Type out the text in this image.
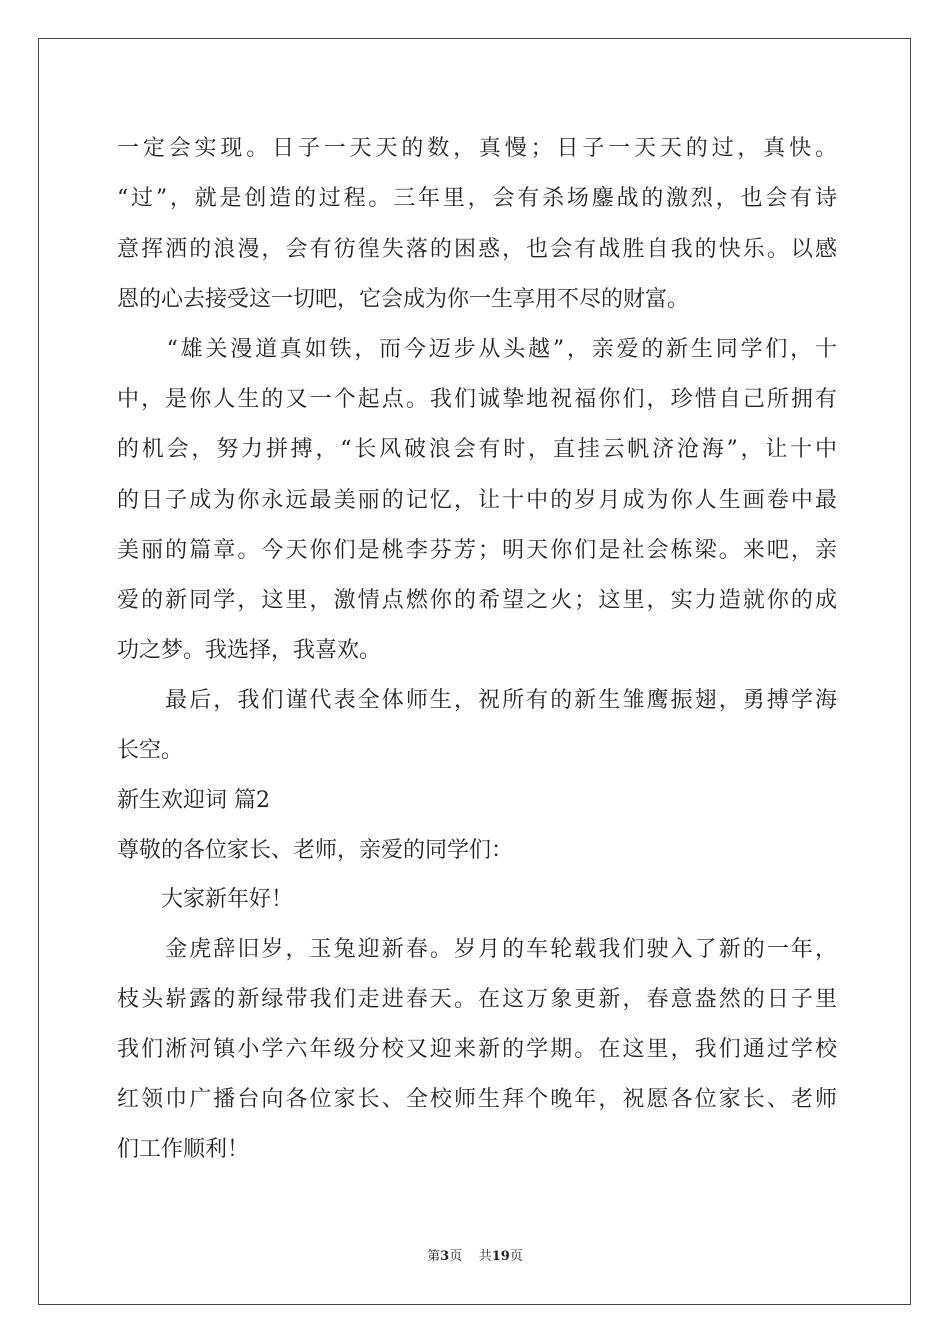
一定会实现。日子一天天的数，真慢；日子一天天的过，真快。
“过”，就是创造的过程。三年里，会有杀场鏖战的激烈，也会有诗
意挥洒的浪漫，会有彷徨失落的困惑，也会有战胜自我的快乐。以感
恩的心去接受这一切吧，它会成为你一生享用不尽的财富。
　　“雄关漫道真如铁，而今迈步从头越”，亲爱的新生同学们，十
中，是你人生的又一个起点。我们诚挚地祝福你们，珍惜自己所拥有
的机会，努力拼搏，“长风破浪会有时，直挂云帆济沧海”，让十中
的日子成为你永远最美丽的记忆，让十中的岁月成为你人生画卷中最
美丽的篇章。今天你们是桃李芬芳；明天你们是社会栋梁。来吧，亲
爱的新同学，这里，激情点燃你的希望之火；这里，实力造就你的成
功之梦。我选择，我喜欢。
　　最后，我们谨代表全体师生，祝所有的新生雏鹰振翅，勇搏学海
长空。
新生欢迎词 篇2
尊敬的各位家长、老师，亲爱的同学们：
　　大家新年好！
　　金虎辞旧岁，玉兔迎新春。岁月的车轮载我们驶入了新的一年，
枝头崭露的新绿带我们走进春天。在这万象更新，春意盎然的日子里
我们淅河镇小学六年级分校又迎来新的学期。在这里，我们通过学校
红领巾广播台向各位家长、全校师生拜个晚年，祝愿各位家长、老师
们工作顺利！
第3页 共19页
